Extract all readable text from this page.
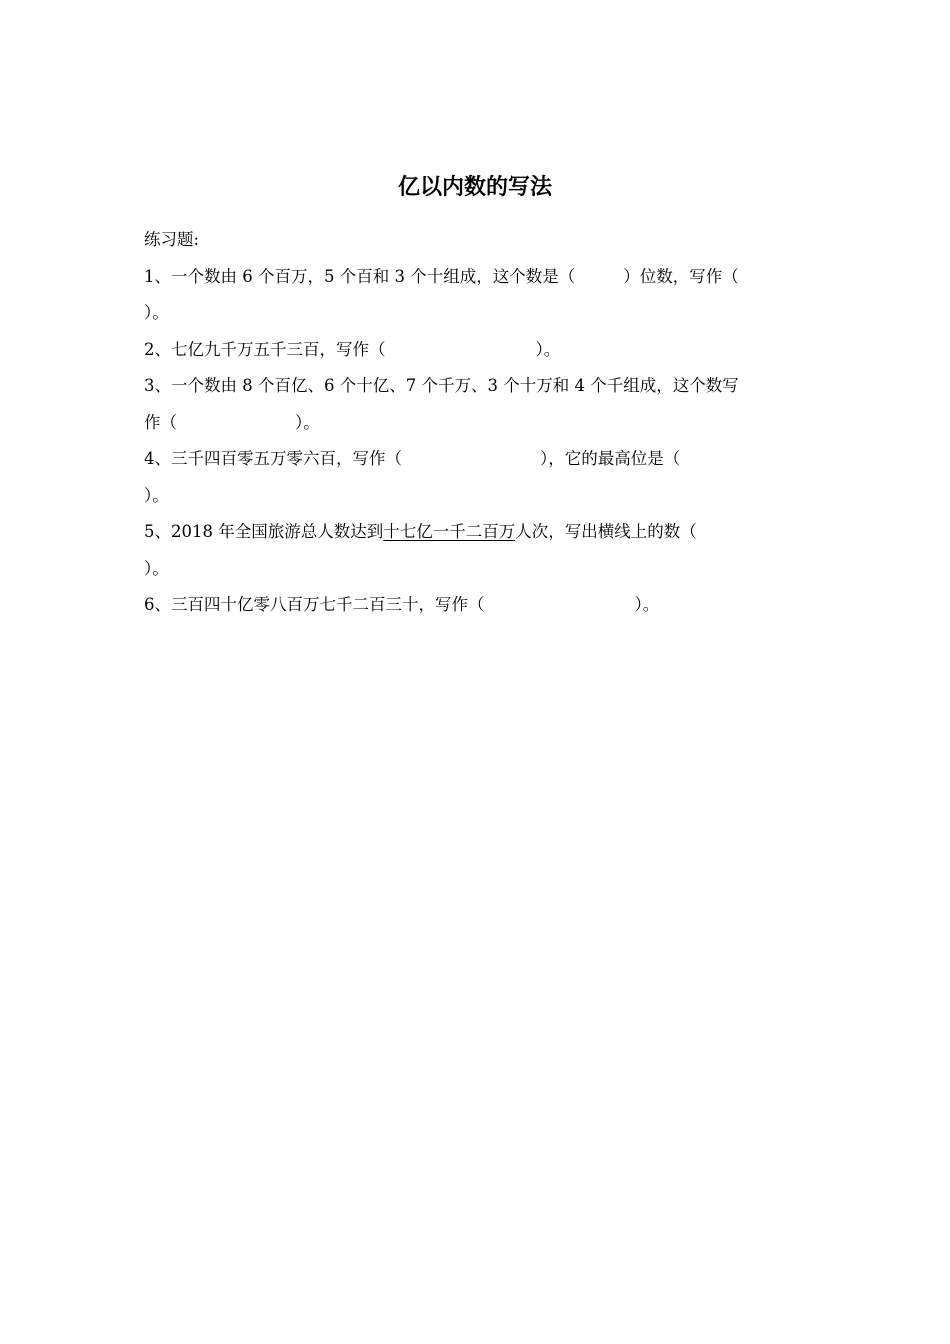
亿以内数的写法
练习题:
1、一个数由 6 个百万，5 个百和 3 个十组成，这个数是（	）位数，写作（
）。
2、七亿九千万五千三百，写作（	）。
3、一个数由 8 个百亿、6 个十亿、7 个千万、3 个十万和 4 个千组成，这个数写
作（	）。
4、三千四百零五万零六百，写作（	），它的最高位是（
）。
5、2018 年全国旅游总人数达到十七亿一千二百万人次，写出横线上的数（
）。
6、三百四十亿零八百万七千二百三十，写作（	）。
